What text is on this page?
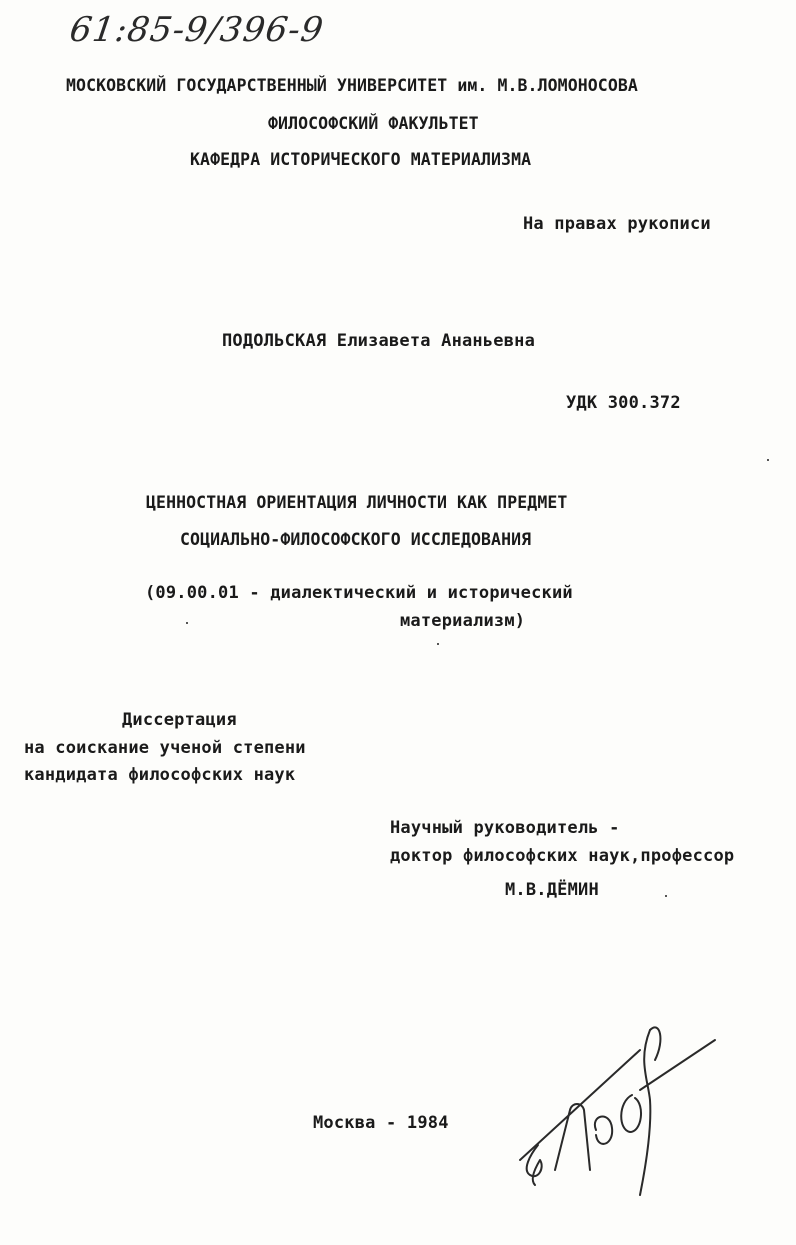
61:85-9/396-9
МОСКОВСКИЙ ГОСУДАРСТВЕННЫЙ УНИВЕРСИТЕТ им. М.В.ЛОМОНОСОВА
ФИЛОСОФСКИЙ ФАКУЛЬТЕТ
КАФЕДРА ИСТОРИЧЕСКОГО МАТЕРИАЛИЗМА
На правах рукописи
ПОДОЛЬСКАЯ Елизавета Ананьевна
УДК 300.372
ЦЕННОСТНАЯ ОРИЕНТАЦИЯ ЛИЧНОСТИ КАК ПРЕДМЕТ
СОЦИАЛЬНО-ФИЛОСОФСКОГО ИССЛЕДОВАНИЯ
(09.00.01 - диалектический и исторический
материализм)
Диссертация
на соискание ученой степени
кандидата философских наук
Научный руководитель -
доктор философских наук,профессор
М.В.ДЁМИН
Москва - 1984
